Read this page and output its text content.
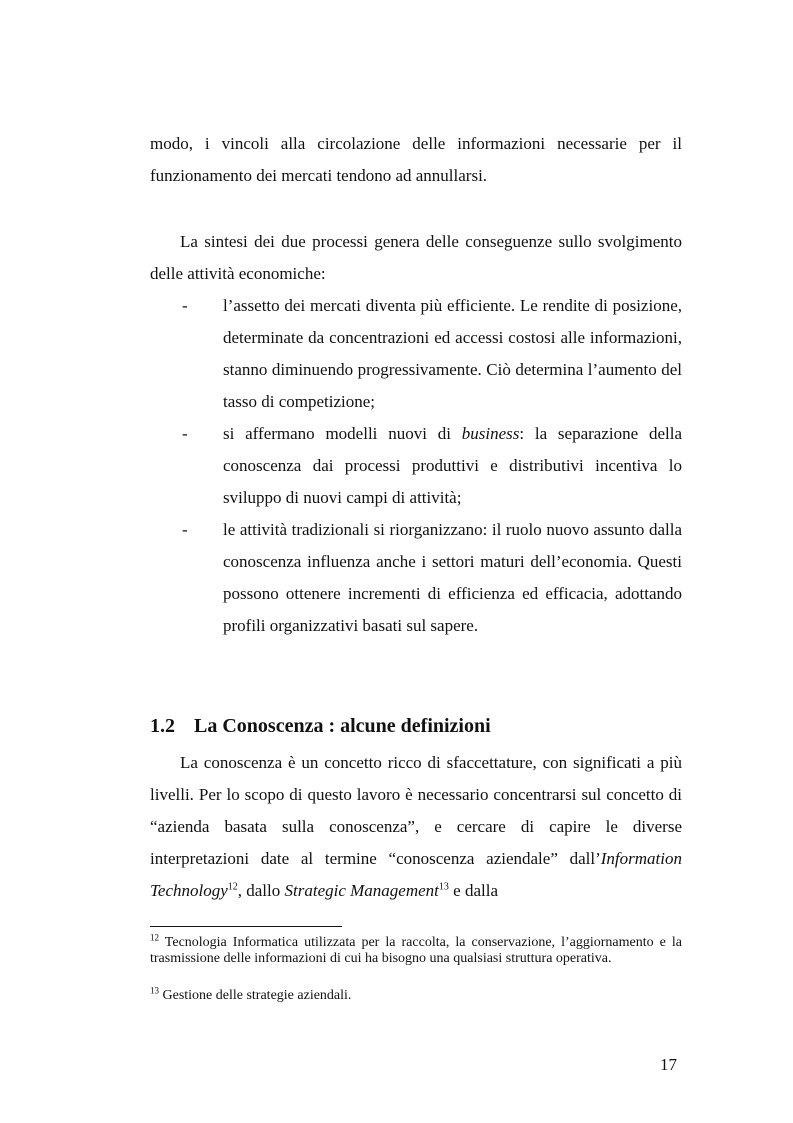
modo, i vincoli alla circolazione delle informazioni necessarie per il funzionamento dei mercati tendono ad annullarsi.

La sintesi dei due processi genera delle conseguenze sullo svolgimento delle attività economiche:

- l’assetto dei mercati diventa più efficiente. Le rendite di posizione, determinate da concentrazioni ed accessi costosi alle informazioni, stanno diminuendo progressivamente. Ciò determina l’aumento del tasso di competizione;
- si affermano modelli nuovi di business: la separazione della conoscenza dai processi produttivi e distributivi incentiva lo sviluppo di nuovi campi di attività;
- le attività tradizionali si riorganizzano: il ruolo nuovo assunto dalla conoscenza influenza anche i settori maturi dell’economia. Questi possono ottenere incrementi di efficienza ed efficacia, adottando profili organizzativi basati sul sapere.
1.2 La Conoscenza : alcune definizioni

La conoscenza è un concetto ricco di sfaccettature, con significati a più livelli. Per lo scopo di questo lavoro è necessario concentrarsi sul concetto di “azienda basata sulla conoscenza”, e cercare di capire le diverse interpretazioni date al termine “conoscenza aziendale” dall’Information Technology$^{12}$, dallo Strategic Management$^{13}$ e dalla

$^{12}$ Tecnologia Informatica utilizzata per la raccolta, la conservazione, l’aggiornamento e la trasmissione delle informazioni di cui ha bisogno una qualsiasi struttura operativa.

$^{13}$ Gestione delle strategie aziendali.

17
